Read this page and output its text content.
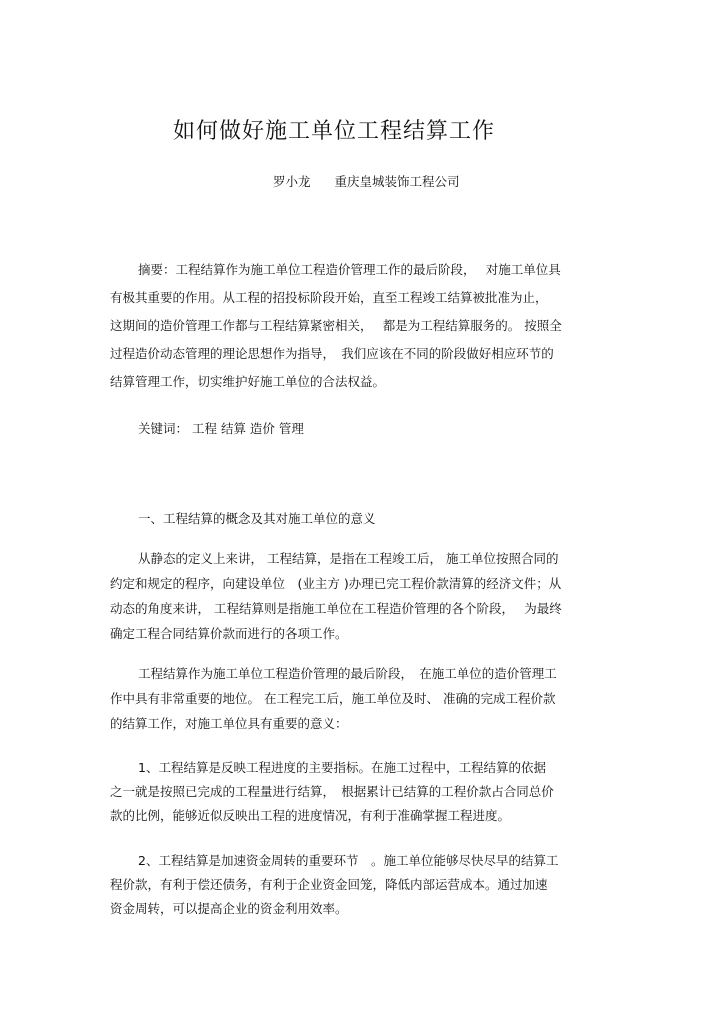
如何做好施工单位工程结算工作
罗小龙 重庆皇城装饰工程公司
摘要：工程结算作为施工单位工程造价管理工作的最后阶段，　 对施工单位具
有极其重要的作用。从工程的招投标阶段开始，直至工程竣工结算被批准为止，
这期间的造价管理工作都与工程结算紧密相关，　 都是为工程结算服务的。 按照全
过程造价动态管理的理论思想作为指导，　我们应该在不同的阶段做好相应环节的
结算管理工作，切实维护好施工单位的合法权益。
关键词： 工程 结算 造价 管理
一、工程结算的概念及其对施工单位的意义
从静态的定义上来讲， 工程结算，是指在工程竣工后， 施工单位按照合同的
约定和规定的程序，向建设单位　(业主方 )办理已完工程价款清算的经济文件；从
动态的角度来讲， 工程结算则是指施工单位在工程造价管理的各个阶段，　 为最终
确定工程合同结算价款而进行的各项工作。
工程结算作为施工单位工程造价管理的最后阶段，　在施工单位的造价管理工
作中具有非常重要的地位。 在工程完工后，施工单位及时、 准确的完成工程价款
的结算工作，对施工单位具有重要的意义：
1、工程结算是反映工程进度的主要指标。在施工过程中，工程结算的依据
之一就是按照已完成的工程量进行结算，　根据累计已结算的工程价款占合同总价
款的比例，能够近似反映出工程的进度情况，有利于准确掌握工程进度。
2、工程结算是加速资金周转的重要环节　。施工单位能够尽快尽早的结算工
程价款，有利于偿还债务，有利于企业资金回笼，降低内部运营成本。通过加速
资金周转，可以提高企业的资金利用效率。
